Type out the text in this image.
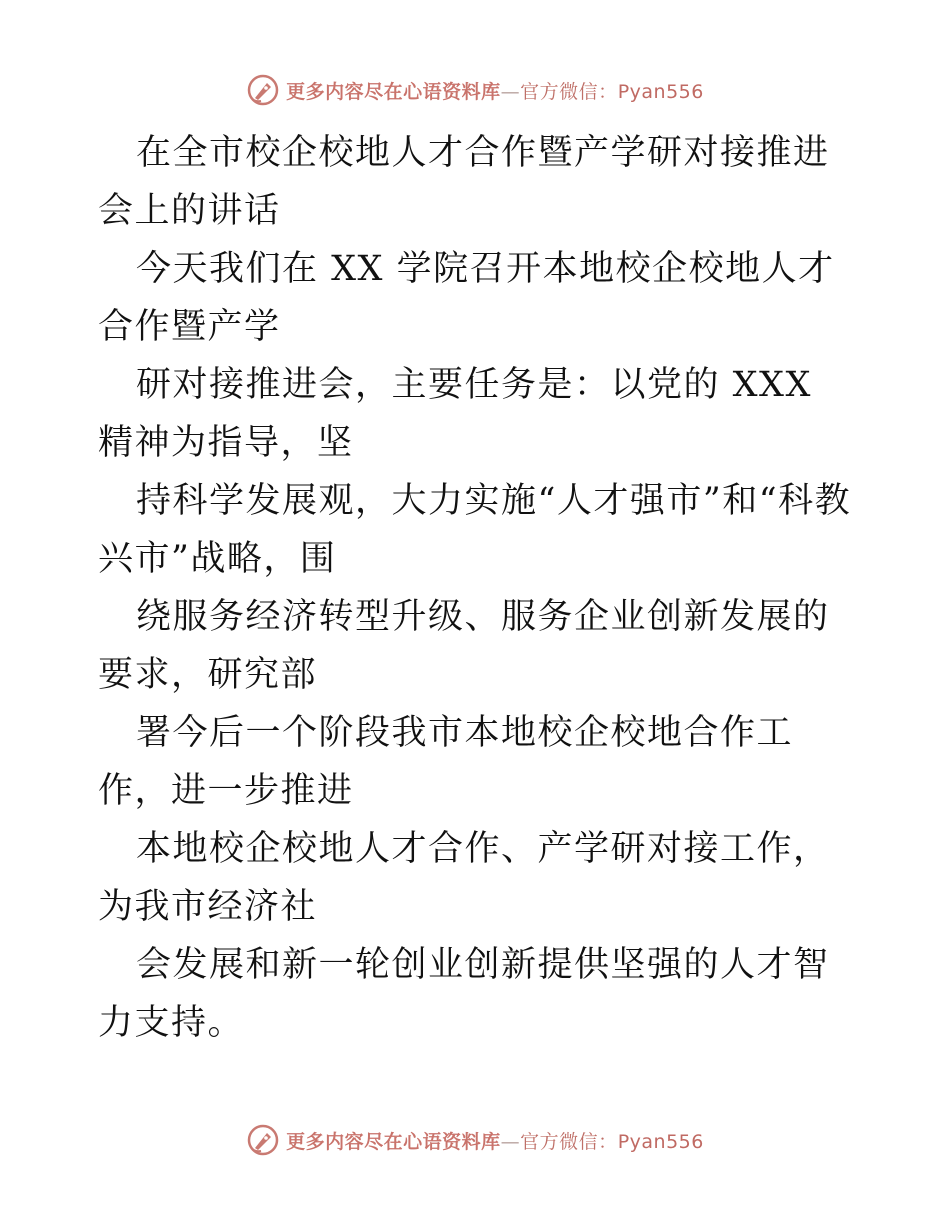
更多内容尽在心语资料库—官方微信：Pyan556

在全市校企校地人才合作暨产学研对接推进会上的讲话

今天我们在 XX 学院召开本地校企校地人才合作暨产学

研对接推进会，主要任务是：以党的 XXX 精神为指导，坚

持科学发展观，大力实施“人才强市”和“科教兴市”战略，围

绕服务经济转型升级、服务企业创新发展的要求，研究部

署今后一个阶段我市本地校企校地合作工作，进一步推进

本地校企校地人才合作、产学研对接工作，为我市经济社

会发展和新一轮创业创新提供坚强的人才智力支持。

更多内容尽在心语资料库—官方微信：Pyan556
